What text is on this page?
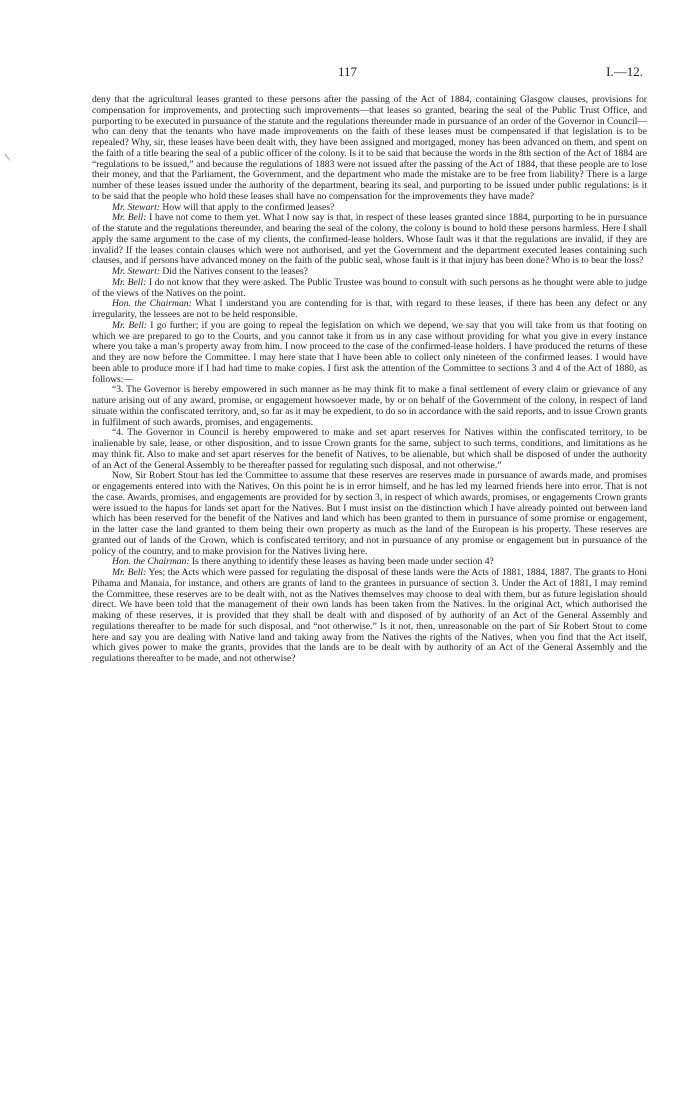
117	I.—12.
\

deny that the agricultural leases granted to these persons after the passing of the Act of 1884, containing Glasgow clauses, provisions for compensation for improvements, and protecting such improvements—that leases so granted, bearing the seal of the Public Trust Office, and purporting to be executed in pursuance of the statute and the regulations thereunder made in pursuance of an order of the Governor in Council—who can deny that the tenants who have made improvements on the faith of these leases must be compensated if that legislation is to be repealed? Why, sir, these leases have been dealt with, they have been assigned and mortgaged, money has been advanced on them, and spent on the faith of a title bearing the seal of a public officer of the colony. Is it to be said that because the words in the 8th section of the Act of 1884 are “regulations to be issued,” and because the regulations of 1883 were not issued after the passing of the Act of 1884, that these people are to lose their money, and that the Parliament, the Government, and the department who made the mistake are to be free from liability? There is a large number of these leases issued under the authority of the department, bearing its seal, and purporting to be issued under public regulations: is it to be said that the people who hold these leases shall have no compensation for the improvements they have made?

Mr. Stewart: How will that apply to the confirmed leases?

Mr. Bell: I have not come to them yet. What I now say is that, in respect of these leases granted since 1884, purporting to be in pursuance of the statute and the regulations thereunder, and bearing the seal of the colony, the colony is bound to hold these persons harmless. Here I shall apply the same argument to the case of my clients, the confirmed-lease holders. Whose fault was it that the regulations are invalid, if they are invalid? If the leases contain clauses which were not authorised, and yet the Government and the department executed leases containing such clauses, and if persons have advanced money on the faith of the public seal, whose fault is it that injury has been done? Who is to bear the loss?

Mr. Stewart: Did the Natives consent to the leases?

Mr. Bell: I do not know that they were asked. The Public Trustee was bound to consult with such persons as he thought were able to judge of the views of the Natives on the point.

Hon. the Chairman: What I understand you are contending for is that, with regard to these leases, if there has been any defect or any irregularity, the lessees are not to be held responsible.

Mr. Bell: I go further; if you are going to repeal the legislation on which we depend, we say that you will take from us that footing on which we are prepared to go to the Courts, and you cannot take it from us in any case without providing for what you give in every instance where you take a man’s property away from him. I now proceed to the case of the confirmed-lease holders. I have produced the returns of these and they are now before the Committee. I may here state that I have been able to collect only nineteen of the confirmed leases. I would have been able to produce more if I had had time to make copies. I first ask the attention of the Committee to sections 3 and 4 of the Act of 1880, as follows:—

“3. The Governor is hereby empowered in such manner as he may think fit to make a final settlement of every claim or grievance of any nature arising out of any award, promise, or engagement howsoever made, by or on behalf of the Government of the colony, in respect of land situate within the confiscated territory, and, so far as it may be expedient, to do so in accordance with the said reports, and to issue Crown grants in fulfilment of such awards, promises, and engagements.

“4. The Governor in Council is hereby empowered to make and set apart reserves for Natives within the confiscated territory, to be inalienable by sale, lease, or other disposition, and to issue Crown grants for the same, subject to such terms, conditions, and limitations as he may think fit. Also to make and set apart reserves for the benefit of Natives, to be alienable, but which shall be disposed of under the authority of an Act of the General Assembly to be thereafter passed for regulating such disposal, and not otherwise.”

Now, Sir Robert Stout has led the Committee to assume that these reserves are reserves made in pursuance of awards made, and promises or engagements entered into with the Natives. On this point he is in error himself, and he has led my learned friends here into error. That is not the case. Awards, promises, and engagements are provided for by section 3, in respect of which awards, promises, or engagements Crown grants were issued to the hapus for lands set apart for the Natives. But I must insist on the distinction which I have already pointed out between land which has been reserved for the benefit of the Natives and land which has been granted to them in pursuance of some promise or engagement, in the latter case the land granted to them being their own property as much as the land of the European is his property. These reserves are granted out of lands of the Crown, which is confiscated territory, and not in pursuance of any promise or engagement but in pursuance of the policy of the country, and to make provision for the Natives living here.

Hon. the Chairman: Is there anything to identify these leases as having been made under section 4?

Mr. Bell: Yes; the Acts which were passed for regulating the disposal of these lands were the Acts of 1881, 1884, 1887. The grants to Honi Pihama and Manaia, for instance, and others are grants of land to the grantees in pursuance of section 3. Under the Act of 1881, I may remind the Committee, these reserves are to be dealt with, not as the Natives themselves may choose to deal with them, but as future legislation should direct. We have been told that the management of their own lands has been taken from the Natives. In the original Act, which authorised the making of these reserves, it is provided that they shall be dealt with and disposed of by authority of an Act of the General Assembly and regulations thereafter to be made for such disposal, and “not otherwise.” Is it not, then, unreasonable on the part of Sir Robert Stout to come here and say you are dealing with Native land and taking away from the Natives the rights of the Natives, when you find that the Act itself, which gives power to make the grants, provides that the lands are to be dealt with by authority of an Act of the General Assembly and the regulations thereafter to be made, and not otherwise?
